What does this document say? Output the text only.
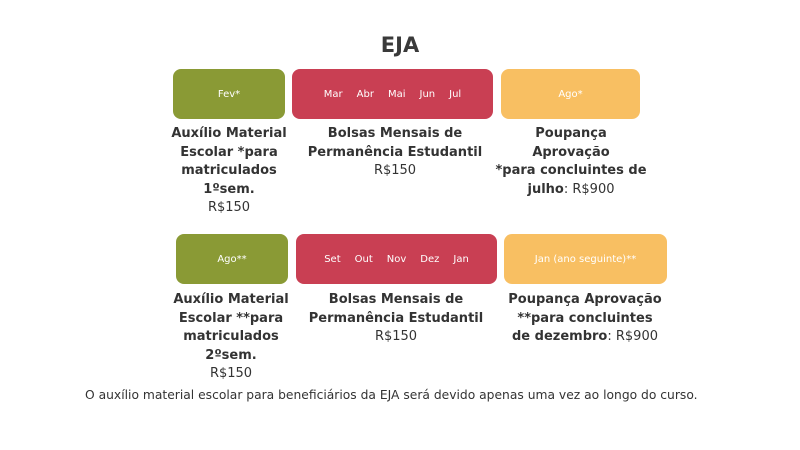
EJA
Fev*	Mar Abr Mai Jun Jul	Ago*
Auxílio Material
Escolar *para
matriculados
1ºsem.
R$150
Bolsas Mensais de
Permanência Estudantil
R$150
Poupança Aprovação
*para concluintes de
julho: R$900
Ago**	Set Out Nov Dez Jan	Jan (ano seguinte)**
Auxílio Material
Escolar **para
matriculados
2ºsem.
R$150
Bolsas Mensais de
Permanência Estudantil
R$150
Poupança Aprovação
**para concluintes
de dezembro: R$900
O auxílio material escolar para beneficiários da EJA será devido apenas uma vez ao longo do curso.
